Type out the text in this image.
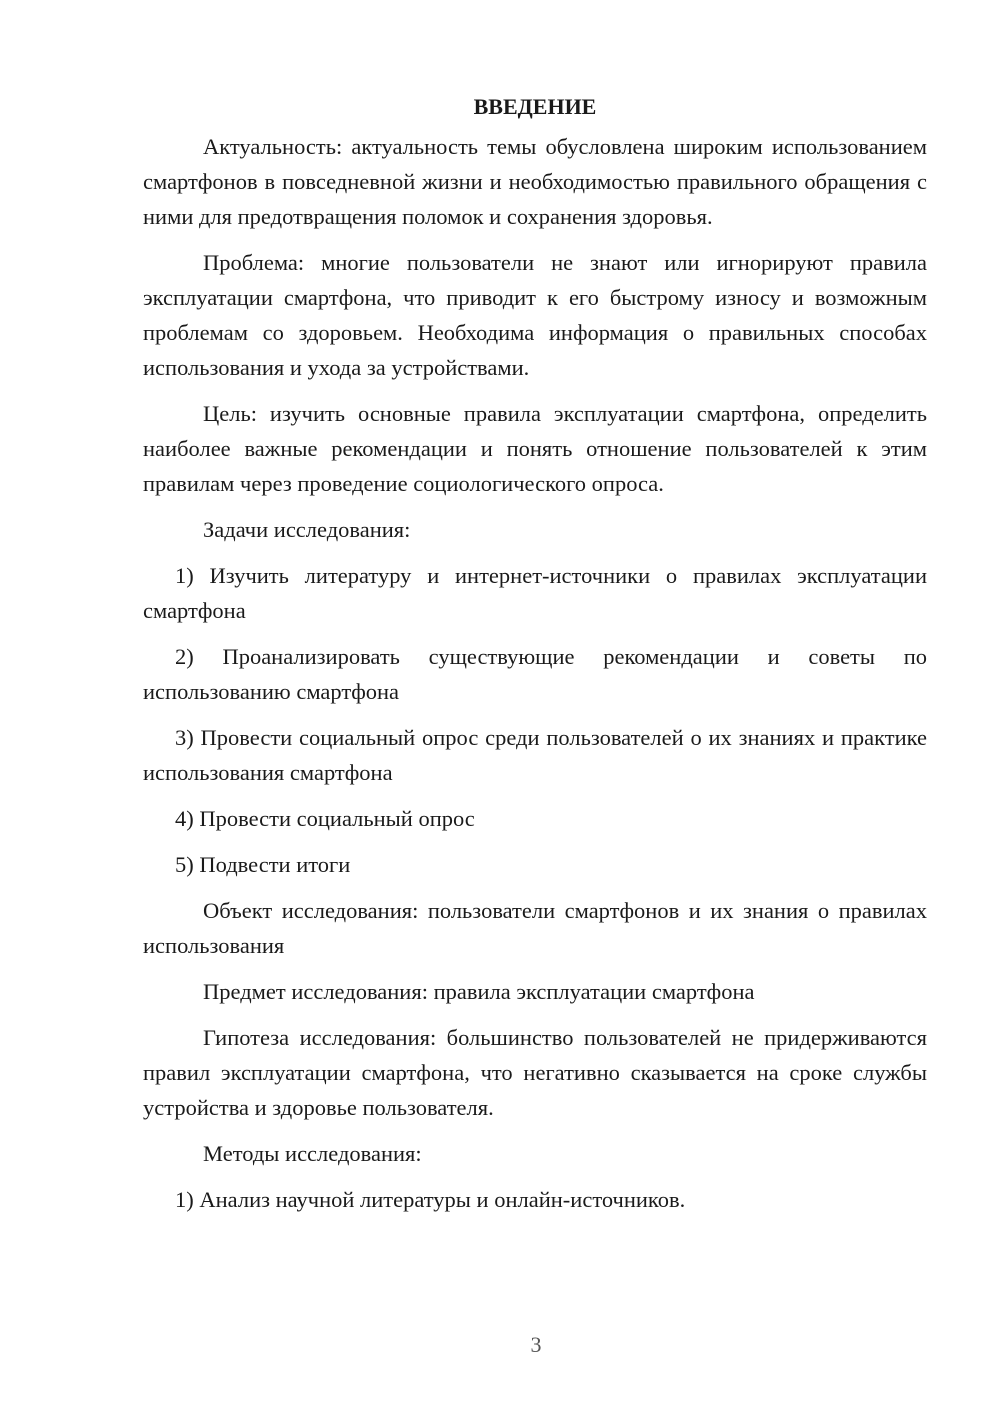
ВВЕДЕНИЕ

Актуальность: актуальность темы обусловлена широким использованием смартфонов в повседневной жизни и необходимостью правильного обращения с ними для предотвращения поломок и сохранения здоровья.

Проблема: многие пользователи не знают или игнорируют правила эксплуатации смартфона, что приводит к его быстрому износу и возможным проблемам со здоровьем. Необходима информация о правильных способах использования и ухода за устройствами.

Цель: изучить основные правила эксплуатации смартфона, определить наиболее важные рекомендации и понять отношение пользователей к этим правилам через проведение социологического опроса.

Задачи исследования:

1) Изучить литературу и интернет-источники о правилах эксплуатации смартфона

2) Проанализировать существующие рекомендации и советы по использованию смартфона

3) Провести социальный опрос среди пользователей о их знаниях и практике использования смартфона

4) Провести социальный опрос

5) Подвести итоги

Объект исследования: пользователи смартфонов и их знания о правилах использования

Предмет исследования: правила эксплуатации смартфона

Гипотеза исследования: большинство пользователей не придерживаются правил эксплуатации смартфона, что негативно сказывается на сроке службы устройства и здоровье пользователя.

Методы исследования:

1) Анализ научной литературы и онлайн-источников.

3
